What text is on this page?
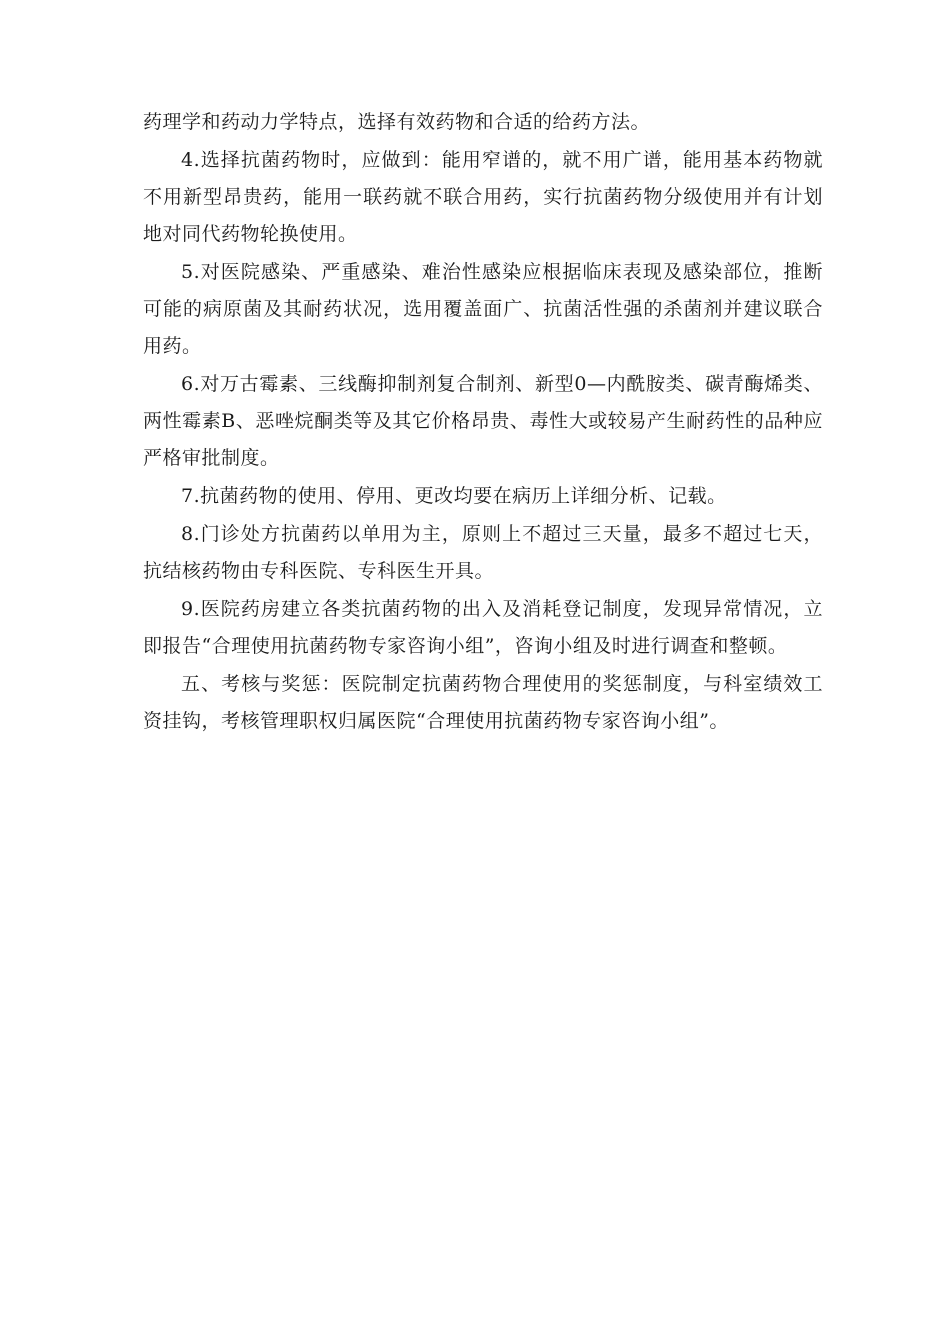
药理学和药动力学特点，选择有效药物和合适的给药方法。

4.选择抗菌药物时，应做到：能用窄谱的，就不用广谱，能用基本药物就不用新型昂贵药，能用一联药就不联合用药，实行抗菌药物分级使用并有计划地对同代药物轮换使用。

5.对医院感染、严重感染、难治性感染应根据临床表现及感染部位，推断可能的病原菌及其耐药状况，选用覆盖面广、抗菌活性强的杀菌剂并建议联合用药。

6.对万古霉素、三线酶抑制剂复合制剂、新型0—内酰胺类、碳青酶烯类、两性霉素B、恶唑烷酮类等及其它价格昂贵、毒性大或较易产生耐药性的品种应严格审批制度。

7.抗菌药物的使用、停用、更改均要在病历上详细分析、记载。

8.门诊处方抗菌药以单用为主，原则上不超过三天量，最多不超过七天，抗结核药物由专科医院、专科医生开具。

9.医院药房建立各类抗菌药物的出入及消耗登记制度，发现异常情况，立即报告“合理使用抗菌药物专家咨询小组”，咨询小组及时进行调查和整顿。

五、考核与奖惩：医院制定抗菌药物合理使用的奖惩制度，与科室绩效工资挂钩，考核管理职权归属医院“合理使用抗菌药物专家咨询小组”。
